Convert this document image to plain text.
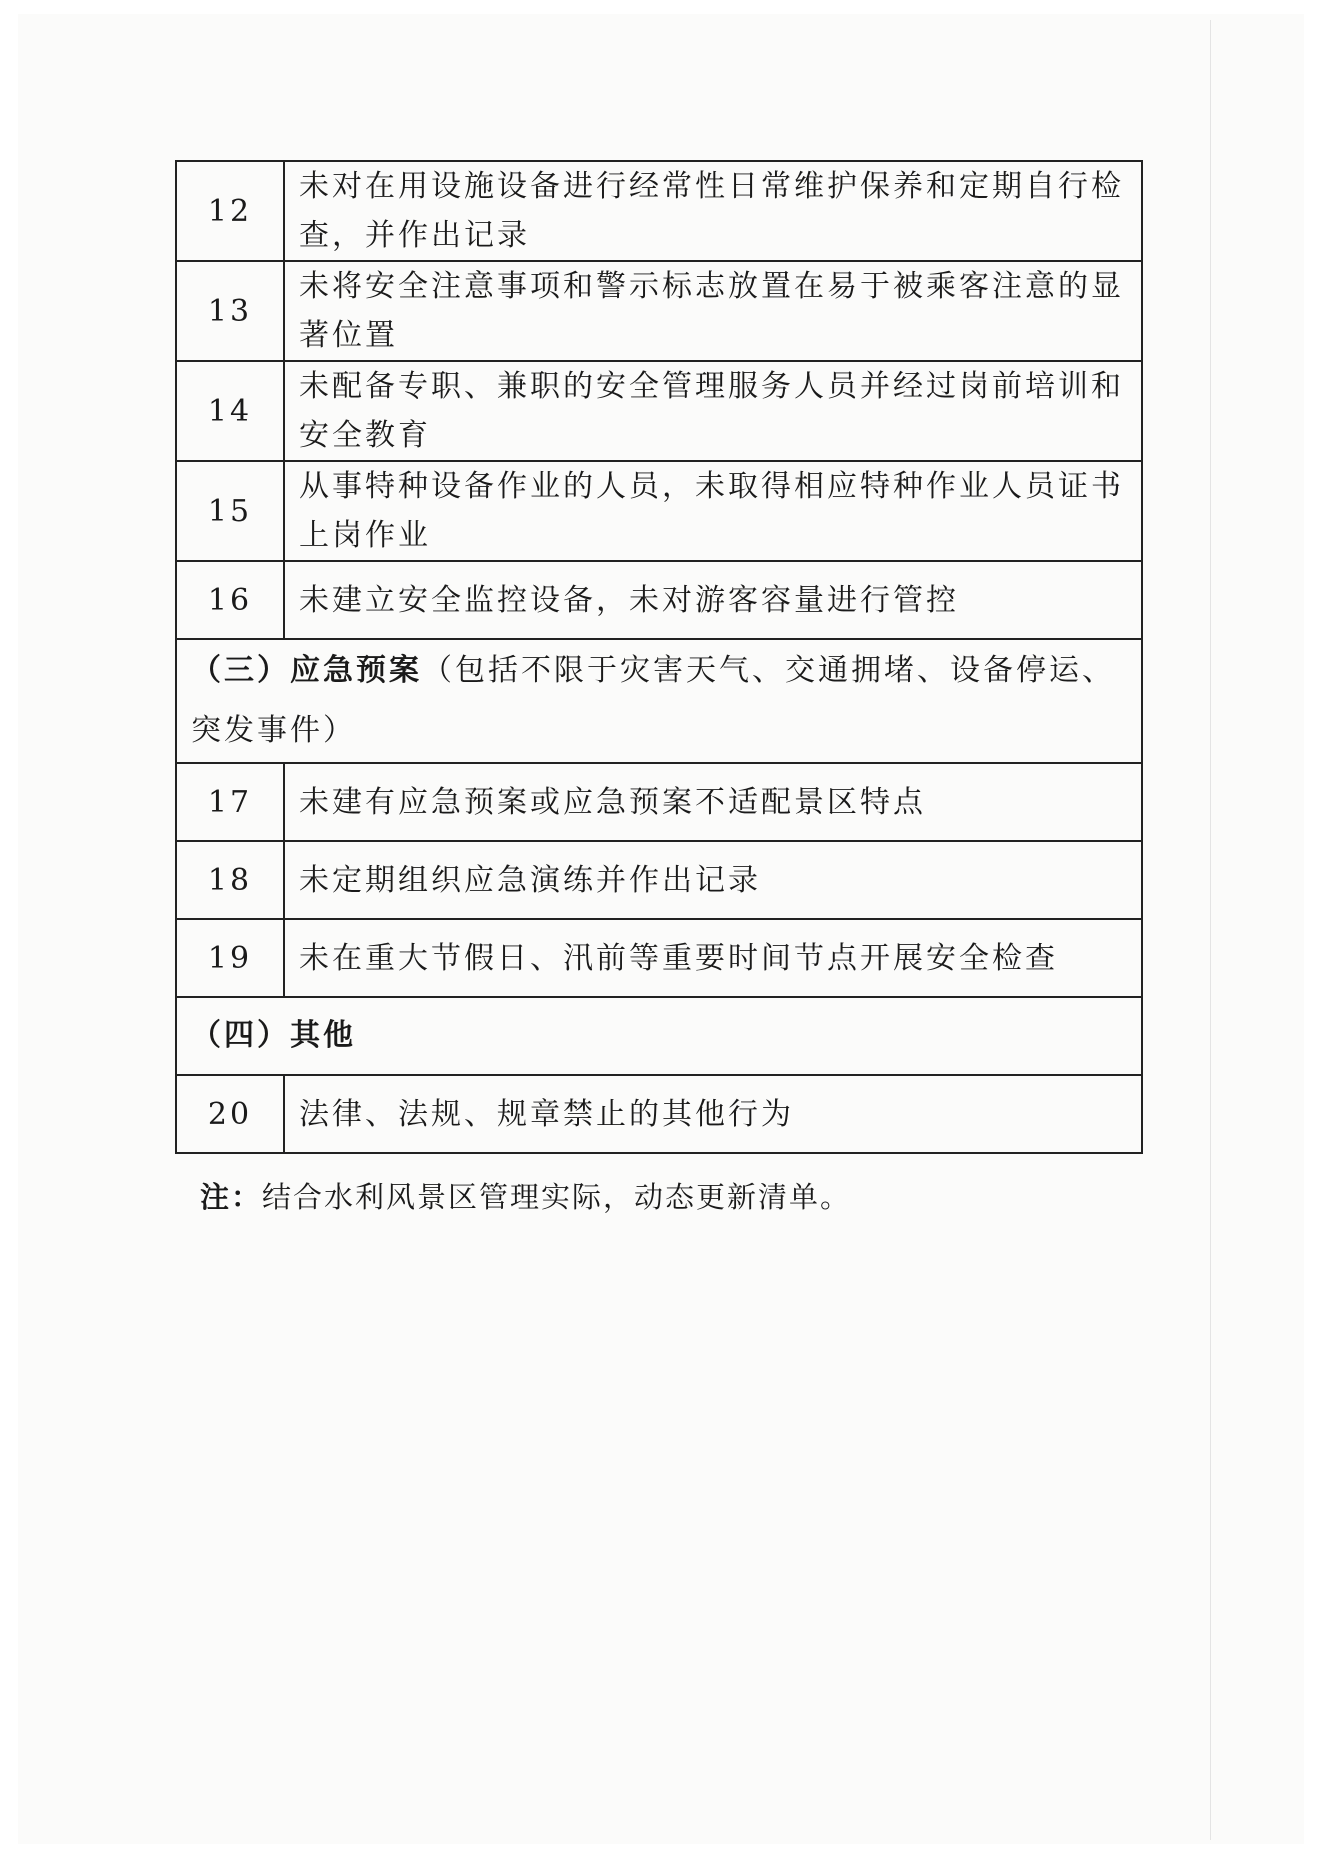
12	未对在用设施设备进行经常性日常维护保养和定期自行检查，并作出记录
13	未将安全注意事项和警示标志放置在易于被乘客注意的显著位置
14	未配备专职、兼职的安全管理服务人员并经过岗前培训和安全教育
15	从事特种设备作业的人员，未取得相应特种作业人员证书上岗作业
16	未建立安全监控设备，未对游客容量进行管控
（三）应急预案（包括不限于灾害天气、交通拥堵、设备停运、突发事件）	
17	未建有应急预案或应急预案不适配景区特点
18	未定期组织应急演练并作出记录
19	未在重大节假日、汛前等重要时间节点开展安全检查
（四）其他	
20	法律、法规、规章禁止的其他行为
注：结合水利风景区管理实际，动态更新清单。
